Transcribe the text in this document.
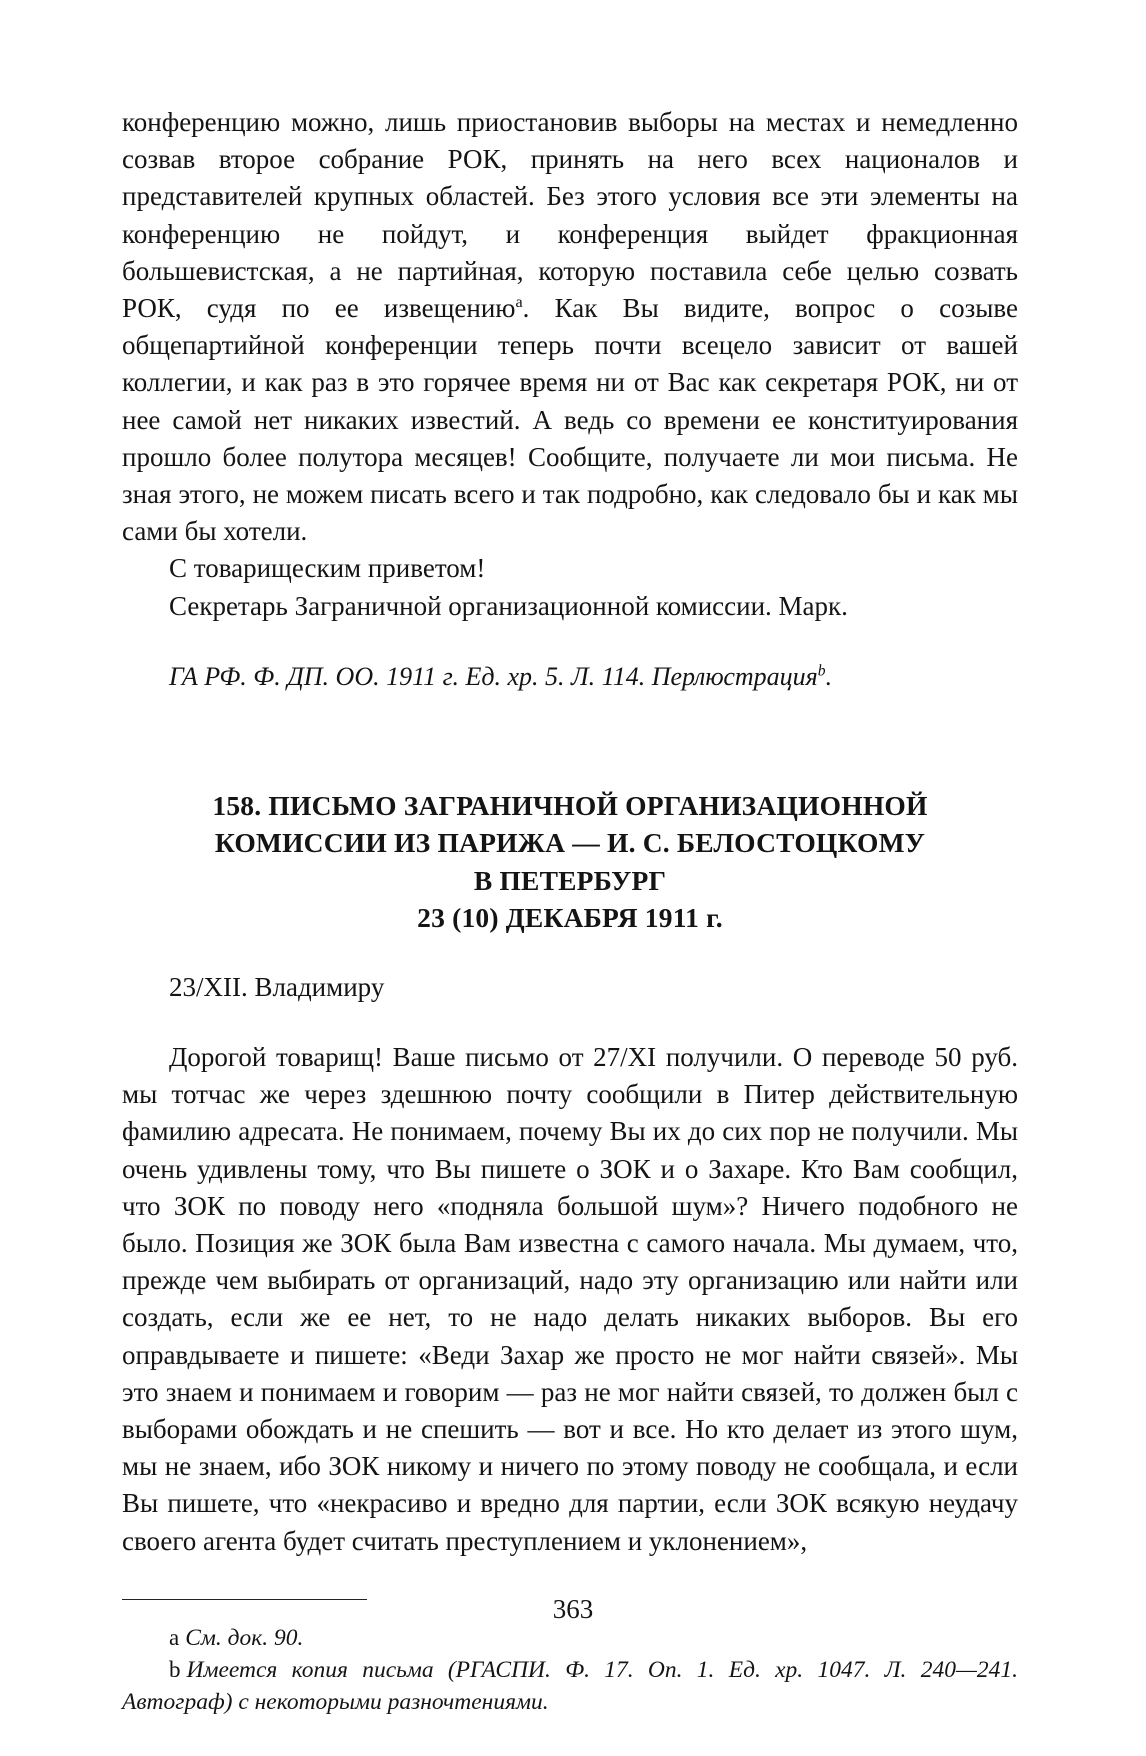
конференцию можно, лишь приостановив выборы на местах и немедленно созвав второе собрание РОК, принять на него всех националов и представителей крупных областей. Без этого условия все эти элементы на конференцию не пойдут, и конференция выйдет фракционная большевистская, а не партийная, которую поставила себе целью созвать РОК, судя по ее извещению$^а$. Как Вы видите, вопрос о созыве общепартийной конференции теперь почти всецело зависит от вашей коллегии, и как раз в это горячее время ни от Вас как секретаря РОК, ни от нее самой нет никаких известий. А ведь со времени ее конституирования прошло более полутора месяцев! Сообщите, получаете ли мои письма. Не зная этого, не можем писать всего и так подробно, как следовало бы и как мы сами бы хотели.

С товарищеским приветом!

Секретарь Заграничной организационной комиссии. Марк.

ГА РФ. Ф. ДП. ОО. 1911 г. Ед. хр. 5. Л. 114. Перлюстрация$^b$.

158. ПИСЬМО ЗАГРАНИЧНОЙ ОРГАНИЗАЦИОННОЙ
КОМИССИИ ИЗ ПАРИЖА — И. С. БЕЛОСТОЦКОМУ
В ПЕТЕРБУРГ
23 (10) ДЕКАБРЯ 1911 г.

23/XII. Владимиру

Дорогой товарищ! Ваше письмо от 27/XI получили. О переводе 50 руб. мы тотчас же через здешнюю почту сообщили в Питер действительную фамилию адресата. Не понимаем, почему Вы их до сих пор не получили. Мы очень удивлены тому, что Вы пишете о ЗОК и о Захаре. Кто Вам сообщил, что ЗОК по поводу него «подняла большой шум»? Ничего подобного не было. Позиция же ЗОК была Вам известна с самого начала. Мы думаем, что, прежде чем выбирать от организаций, надо эту организацию или найти или создать, если же ее нет, то не надо делать никаких выборов. Вы его оправдываете и пишете: «Веди Захар же просто не мог найти связей». Мы это знаем и понимаем и говорим — раз не мог найти связей, то должен был с выборами обождать и не спешить — вот и все. Но кто делает из этого шум, мы не знаем, ибо ЗОК никому и ничего по этому поводу не сообщала, и если Вы пишете, что «некрасиво и вредно для партии, если ЗОК всякую неудачу своего агента будет считать преступлением и уклонением»,

a См. док. 90.

b Имеется копия письма (РГАСПИ. Ф. 17. Оп. 1. Ед. хр. 1047. Л. 240—241. Автограф) с некоторыми разночтениями.

363
